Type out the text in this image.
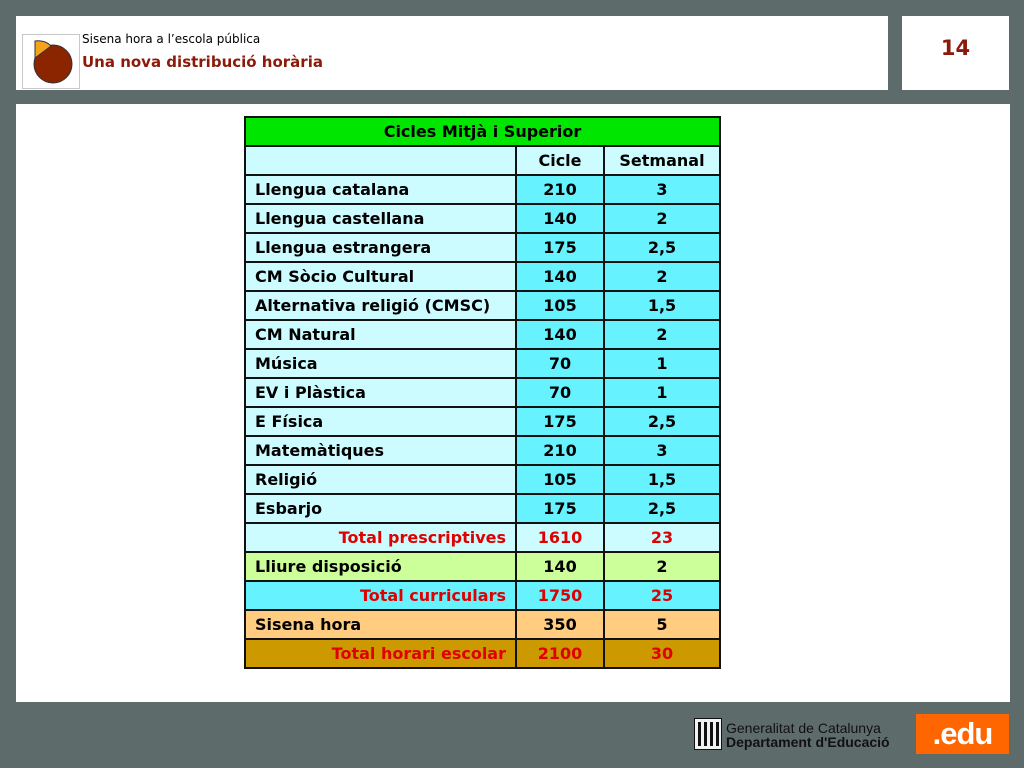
Sisena hora a l’escola pública
Una nova distribució horària
14
Cicles Mitjà i Superior		
	Cicle	Setmanal
Llengua catalana	210	3
Llengua castellana	140	2
Llengua estrangera	175	2,5
CM Sòcio Cultural	140	2
Alternativa religió (CMSC)	105	1,5
CM Natural	140	2
Música	70	1
EV i Plàstica	70	1
E Física	175	2,5
Matemàtiques	210	3
Religió	105	1,5
Esbarjo	175	2,5
Total prescriptives	1610	23
Lliure disposició	140	2
Total curriculars	1750	25
Sisena hora	350	5
Total horari escolar	2100	30
Generalitat de Catalunya
Departament d'Educació	.edu
